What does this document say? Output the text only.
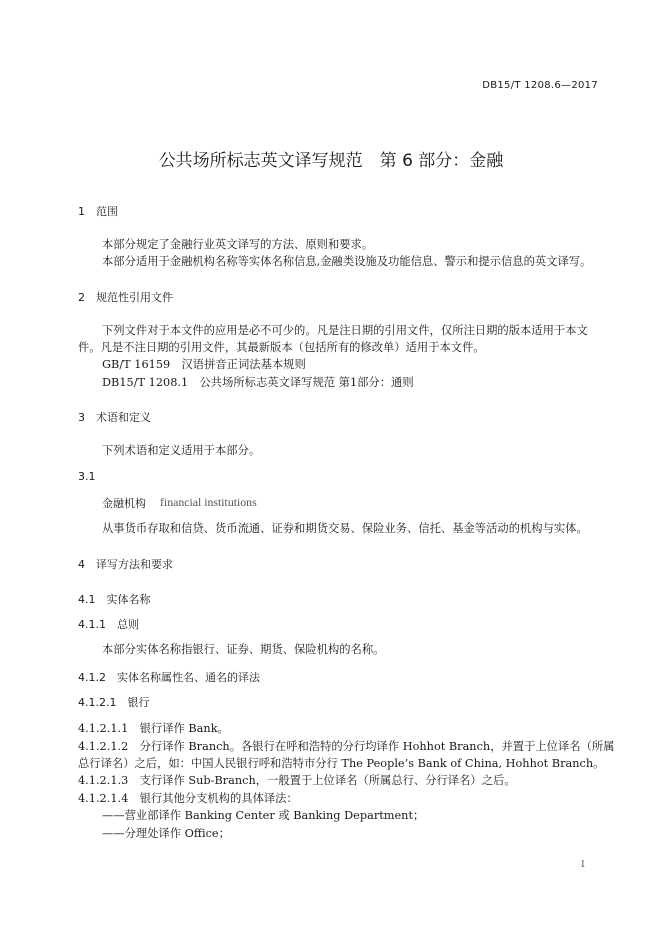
DB15/T 1208.6—2017
公共场所标志英文译写规范　第 6 部分：金融
1　范围
本部分规定了金融行业英文译写的方法、原则和要求。
本部分适用于金融机构名称等实体名称信息,金融类设施及功能信息、警示和提示信息的英文译写。
2　规范性引用文件
下列文件对于本文件的应用是必不可少的。凡是注日期的引用文件，仅所注日期的版本适用于本文
件。凡是不注日期的引用文件，其最新版本（包括所有的修改单）适用于本文件。
GB/T 16159　汉语拼音正词法基本规则
DB15/T 1208.1　公共场所标志英文译写规范 第1部分：通则
3　术语和定义
下列术语和定义适用于本部分。
3.1
金融机构 financial institutions
从事货币存取和信贷、货币流通、证券和期货交易、保险业务、信托、基金等活动的机构与实体。
4　译写方法和要求
4.1　实体名称
4.1.1　总则
本部分实体名称指银行、证券、期货、保险机构的名称。
4.1.2　实体名称属性名、通名的译法
4.1.2.1　银行
4.1.2.1.1　银行译作 Bank。
4.1.2.1.2　分行译作 Branch。各银行在呼和浩特的分行均译作 Hohhot Branch，并置于上位译名（所属
总行译名）之后，如：中国人民银行呼和浩特市分行 The People’s Bank of China, Hohhot Branch。
4.1.2.1.3　支行译作 Sub-Branch，一般置于上位译名（所属总行、分行译名）之后。
4.1.2.1.4　银行其他分支机构的具体译法：
——营业部译作 Banking Center 或 Banking Department；
——分理处译作 Office；
1
